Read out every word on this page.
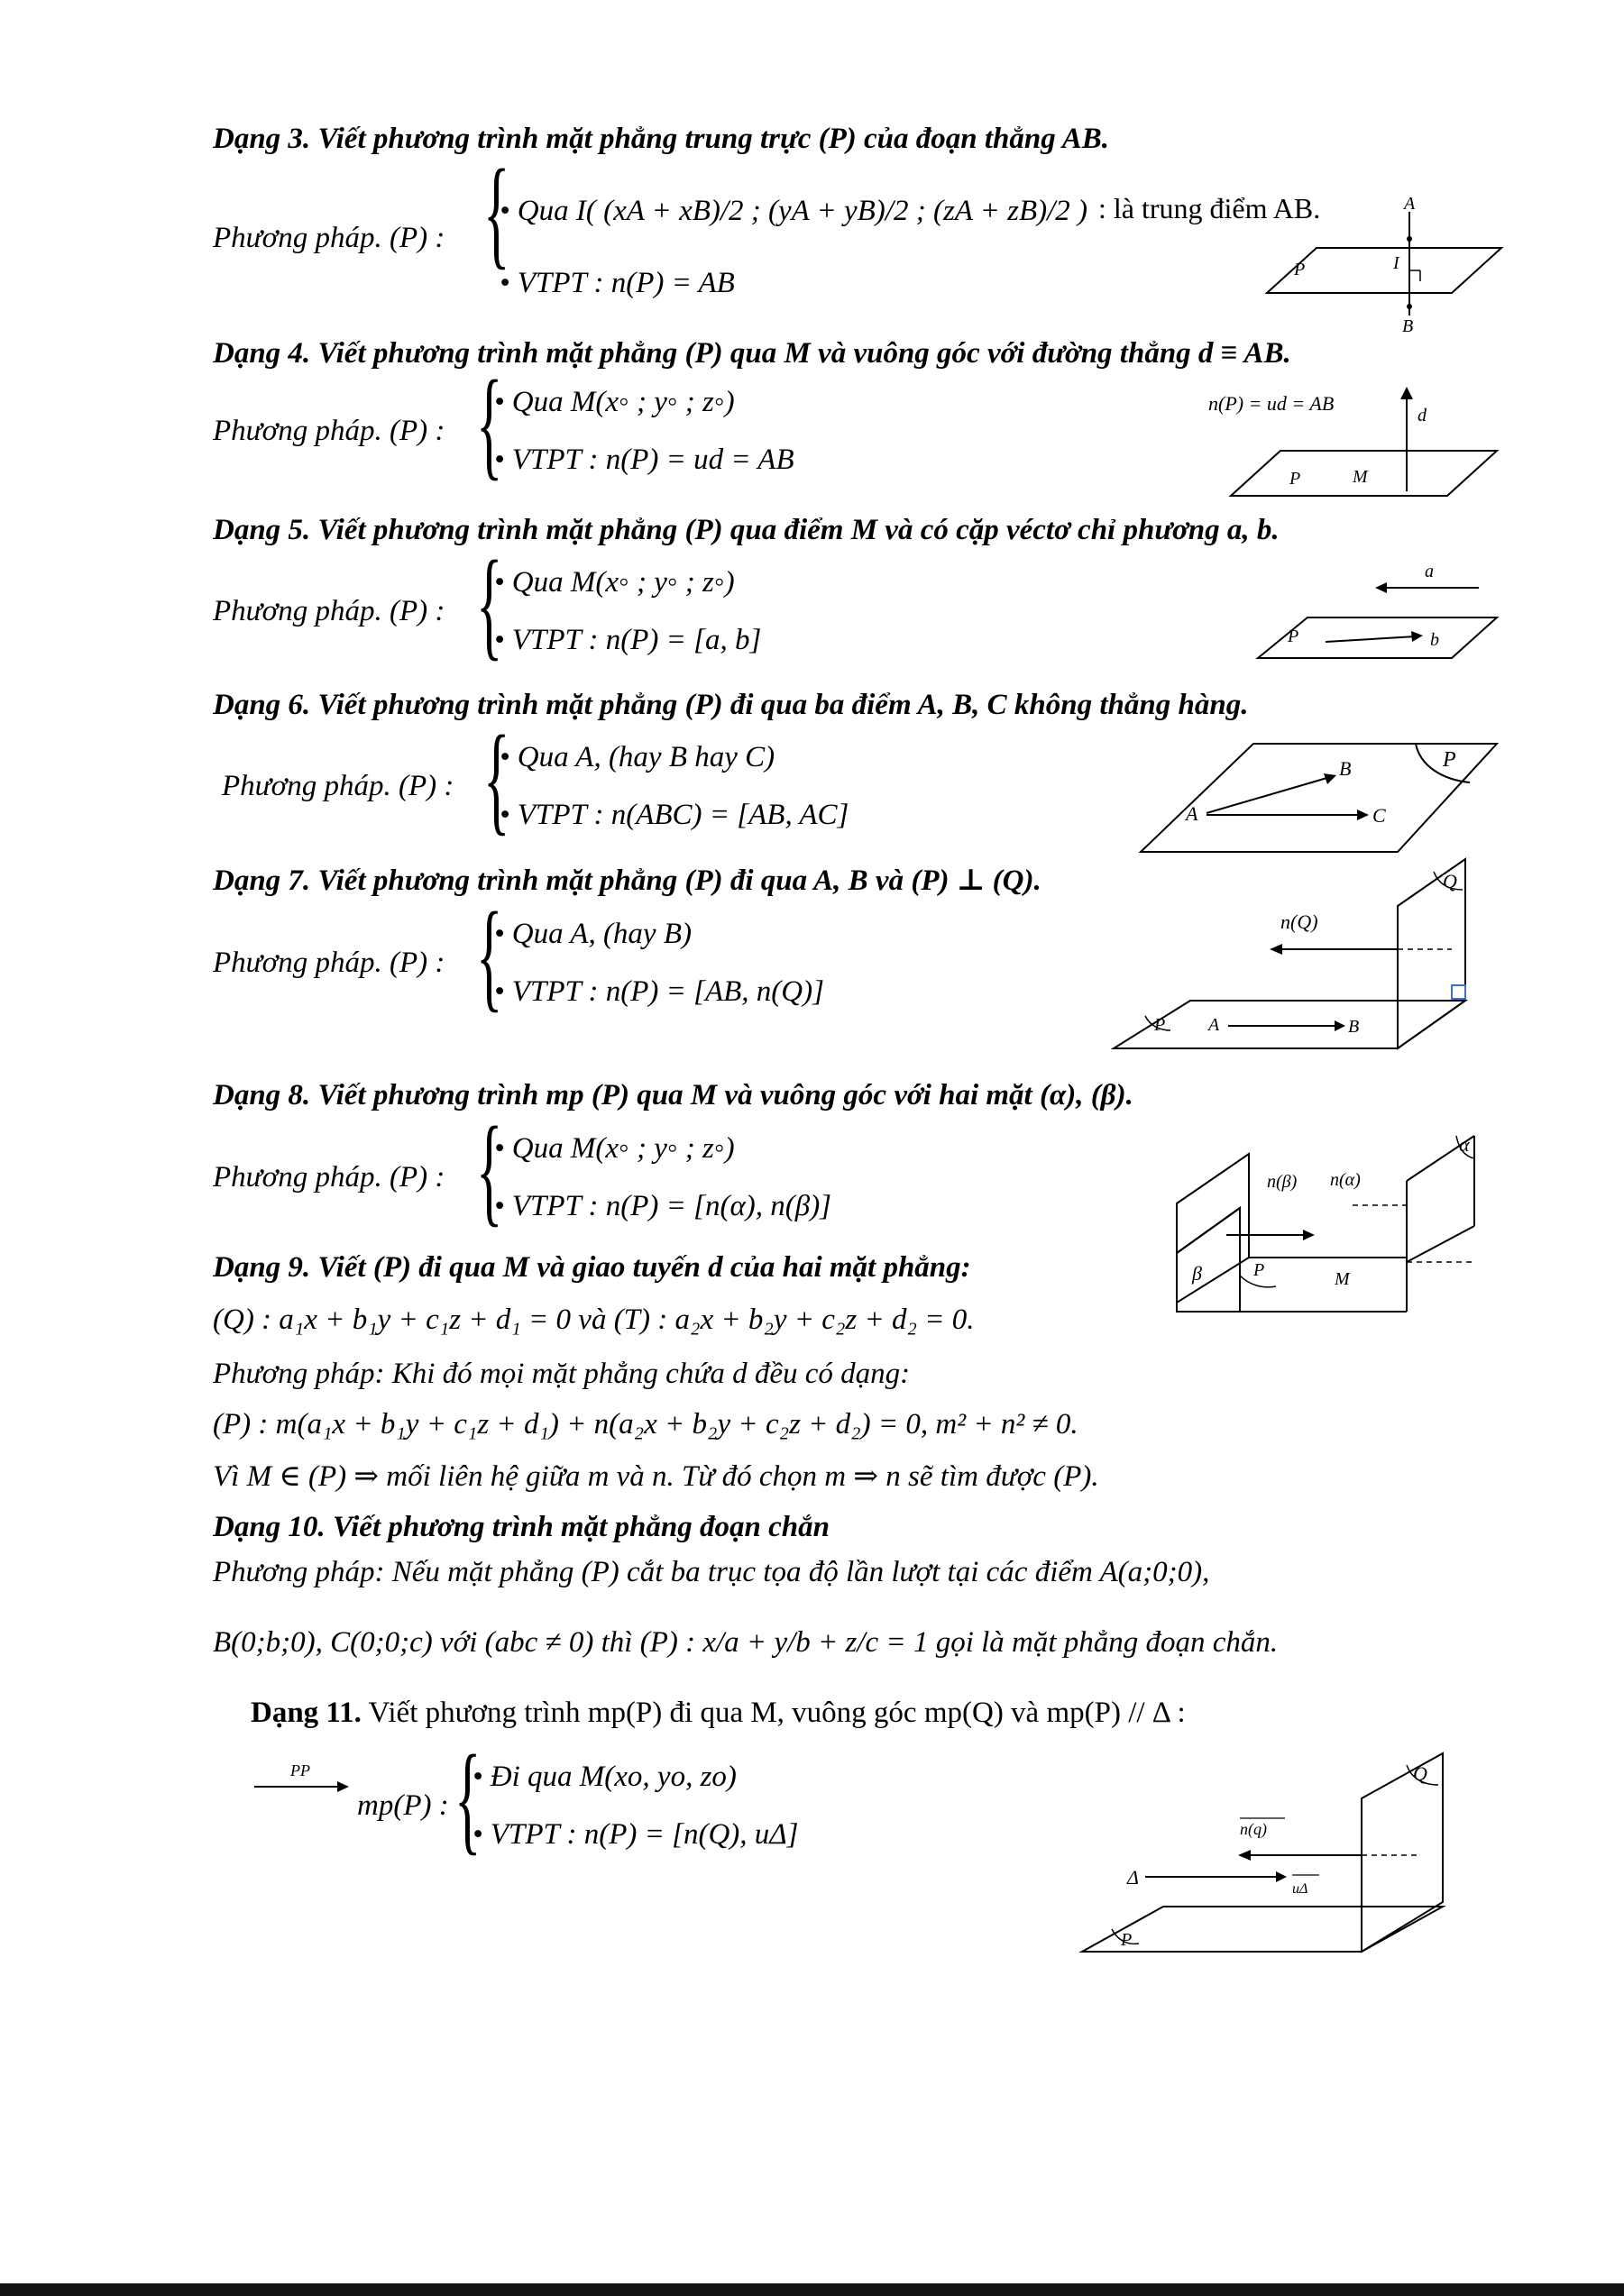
Dạng 3. Viết phương trình mặt phẳng trung trực (P) của đoạn thẳng AB.
Phương pháp. (P) : {
• Qua I( (xA + xB)/2 ; (yA + yB)/2 ; (zA + zB)/2 )
• VTPT : n(P) = AB
: là trung điểm AB.	A
I
P
B
Dạng 4. Viết phương trình mặt phẳng (P) qua M và vuông góc với đường thẳng d ≡ AB.
Phương pháp. (P) : {
• Qua M(x◦ ; y◦ ; z◦)
• VTPT : n(P) = ud = AB
n(P) = ud = AB
d
P	M
Dạng 5. Viết phương trình mặt phẳng (P) qua điểm M và có cặp véctơ chỉ phương a, b.
Phương pháp. (P) : {
• Qua M(x◦ ; y◦ ; z◦)
• VTPT : n(P) = [a, b]
a
P	b
Dạng 6. Viết phương trình mặt phẳng (P) đi qua ba điểm A, B, C không thẳng hàng.
Phương pháp. (P) : {
• Qua A, (hay B hay C)
• VTPT : n(ABC) = [AB, AC]
P
B
A	C
Dạng 7. Viết phương trình mặt phẳng (P) đi qua A, B và (P) ⊥ (Q).
Phương pháp. (P) : {
• Qua A, (hay B)
• VTPT : n(P) = [AB, n(Q)]
Q
n(Q)
P A	B
Dạng 8. Viết phương trình mp (P) qua M và vuông góc với hai mặt (α), (β).
Phương pháp. (P) : {
• Qua M(x◦ ; y◦ ; z◦)
• VTPT : n(P) = [n(α), n(β)]
α
n(β) n(α)
β	P	M
Dạng 9. Viết (P) đi qua M và giao tuyến d của hai mặt phẳng:
(Q) : a₁x + b₁y + c₁z + d₁ = 0 và (T) : a₂x + b₂y + c₂z + d₂ = 0.
Phương pháp: Khi đó mọi mặt phẳng chứa d đều có dạng:
(P) : m(a₁x + b₁y + c₁z + d₁) + n(a₂x + b₂y + c₂z + d₂) = 0, m² + n² ≠ 0.
Vì M ∈ (P) ⇒ mối liên hệ giữa m và n. Từ đó chọn m ⇒ n sẽ tìm được (P).
Dạng 10. Viết phương trình mặt phẳng đoạn chắn
Phương pháp: Nếu mặt phẳng (P) cắt ba trục tọa độ lần lượt tại các điểm A(a;0;0),
B(0;b;0), C(0;0;c) với (abc ≠ 0) thì (P) : x/a + y/b + z/c = 1 gọi là mặt phẳng đoạn chắn.
Dạng 11. Viết phương trình mp(P) đi qua M, vuông góc mp(Q) và mp(P) // Δ :
PP
mp(P) : {
• Đi qua M(xo, yo, zo)
• VTPT : n(P) = [n(Q), uΔ]
Q
n(q)
Δ
uΔ
P
